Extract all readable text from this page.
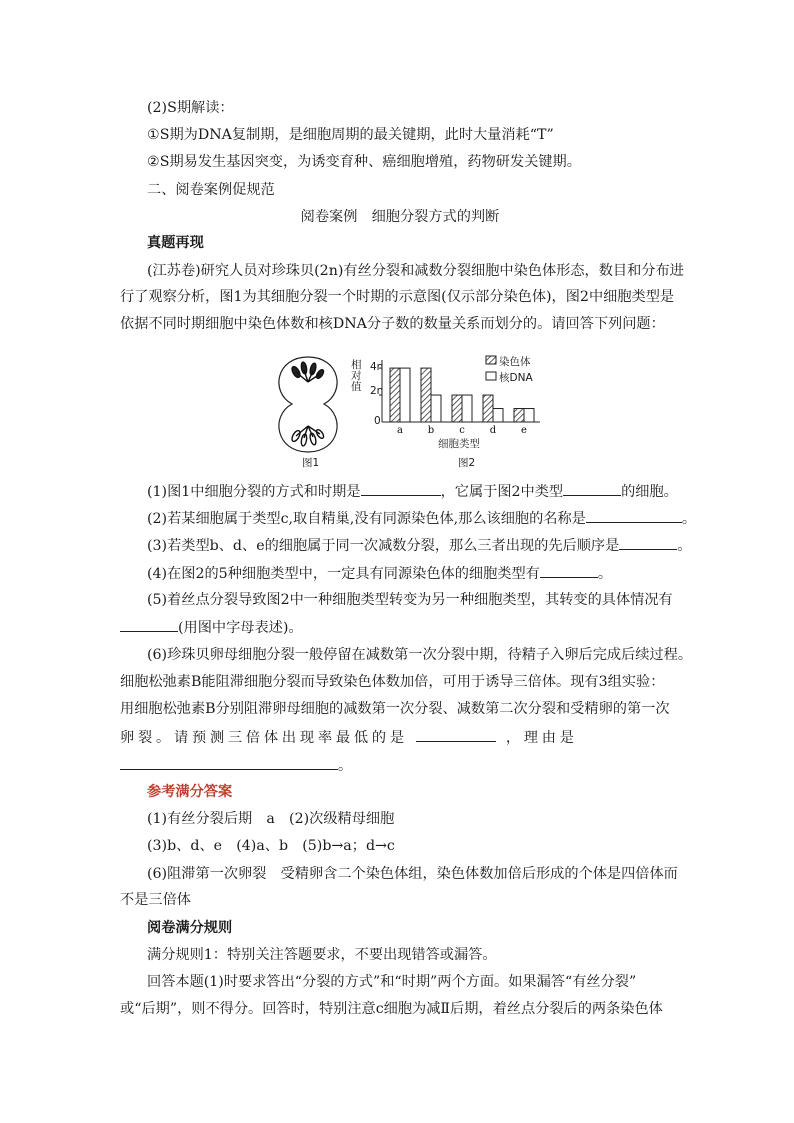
(2)S期解读：
①S期为DNA复制期，是细胞周期的最关键期，此时大量消耗“T”
②S期易发生基因突变，为诱变育种、癌细胞增殖，药物研发关键期。
二、阅卷案例促规范
阅卷案例　细胞分裂方式的判断
真题再现
(江苏卷)研究人员对珍珠贝(2n)有丝分裂和减数分裂细胞中染色体形态，数目和分布进
行了观察分析，图1为其细胞分裂一个时期的示意图(仅示部分染色体)，图2中细胞类型是
依据不同时期细胞中染色体数和核DNA分子数的数量关系而划分的。请回答下列问题：
a b c d e
图1	图2
相对值
染色体
核DNA
细胞类型
4n
2n
0
(1)图1中细胞分裂的方式和时期是	，它属于图2中类型	的细胞。
(2)若某细胞属于类型c,取自精巢,没有同源染色体,那么该细胞的名称是	。
(3)若类型b、d、e的细胞属于同一次减数分裂，那么三者出现的先后顺序是	。
(4)在图2的5种细胞类型中，一定具有同源染色体的细胞类型有	。
(5)着丝点分裂导致图2中一种细胞类型转变为另一种细胞类型，其转变的具体情况有
(用图中字母表述)。
(6)珍珠贝卵母细胞分裂一般停留在减数第一次分裂中期，待精子入卵后完成后续过程。
细胞松弛素B能阻滞细胞分裂而导致染色体数加倍，可用于诱导三倍体。现有3组实验：
用细胞松弛素B分别阻滞卵母细胞的减数第一次分裂、减数第二次分裂和受精卵的第一次
卵裂。请预测三倍体出现率最低的是	，理由是
。
参考满分答案
(1)有丝分裂后期　a　(2)次级精母细胞
(3)b、d、e　(4)a、b　(5)b→a；d→c
(6)阻滞第一次卵裂　受精卵含二个染色体组，染色体数加倍后形成的个体是四倍体而
不是三倍体
阅卷满分规则
满分规则1：特别关注答题要求，不要出现错答或漏答。
回答本题(1)时要求答出“分裂的方式”和“时期”两个方面。如果漏答“有丝分裂”
或“后期”，则不得分。回答时，特别注意c细胞为减Ⅱ后期，着丝点分裂后的两条染色体
